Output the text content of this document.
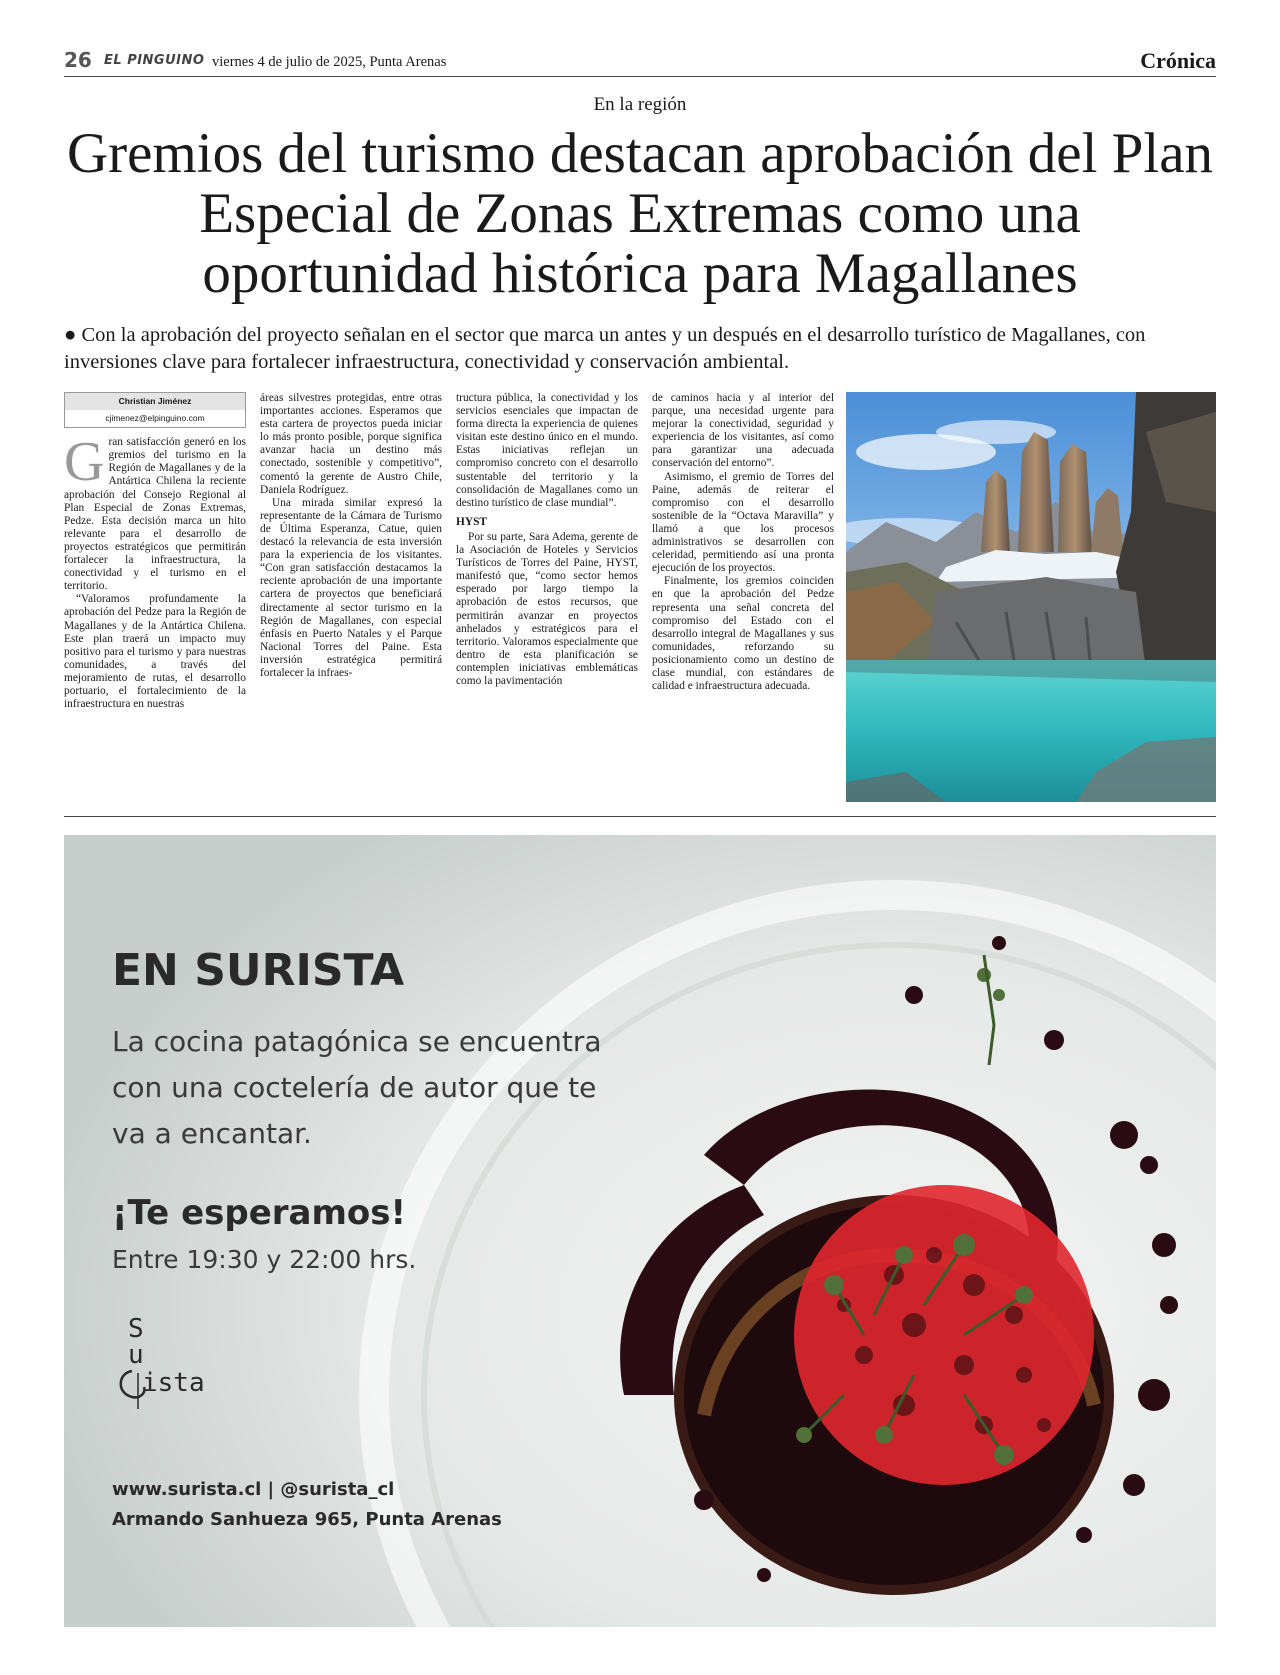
26 EL PINGUINO viernes 4 de julio de 2025, Punta Arenas	Crónica
En la región
Gremios del turismo destacan aprobación del Plan Especial de Zonas Extremas como una oportunidad histórica para Magallanes

● Con la aprobación del proyecto señalan en el sector que marca un antes y un después en el desarrollo turístico de Magallanes, con inversiones clave para fortalecer infraestructura, conectividad y conservación ambiental.

Christian Jiménez
cjimenez@elpinguino.com

Gran satisfacción generó en los gremios del turismo en la Región de Magallanes y de la Antártica Chilena la reciente aprobación del Consejo Regional al Plan Especial de Zonas Extremas, Pedze. Esta decisión marca un hito relevante para el desarrollo de proyectos estratégicos que permitirán fortalecer la infraestructura, la conectividad y el turismo en el territorio.

“Valoramos profundamente la aprobación del Pedze para la Región de Magallanes y de la Antártica Chilena. Este plan traerá un impacto muy positivo para el turismo y para nuestras comunidades, a través del mejoramiento de rutas, el desarrollo portuario, el fortalecimiento de la infraestructura en nuestras

áreas silvestres protegidas, entre otras importantes acciones. Esperamos que esta cartera de proyectos pueda iniciar lo más pronto posible, porque significa avanzar hacia un destino más conectado, sostenible y competitivo”, comentó la gerente de Austro Chile, Daniela Rodríguez.

Una mirada similar expresó la representante de la Cámara de Turismo de Última Esperanza, Catue, quien destacó la relevancia de esta inversión para la experiencia de los visitantes. “Con gran satisfacción destacamos la reciente aprobación de una importante cartera de proyectos que beneficiará directamente al sector turismo en la Región de Magallanes, con especial énfasis en Puerto Natales y el Parque Nacional Torres del Paine. Esta inversión estratégica permitirá fortalecer la infraes-

tructura pública, la conectividad y los servicios esenciales que impactan de forma directa la experiencia de quienes visitan este destino único en el mundo. Estas iniciativas reflejan un compromiso concreto con el desarrollo sustentable del territorio y la consolidación de Magallanes como un destino turístico de clase mundial”.

HYST

Por su parte, Sara Adema, gerente de la Asociación de Hoteles y Servicios Turísticos de Torres del Paine, HYST, manifestó que, “como sector hemos esperado por largo tiempo la aprobación de estos recursos, que permitirán avanzar en proyectos anhelados y estratégicos para el territorio. Valoramos especialmente que dentro de esta planificación se contemplen iniciativas emblemáticas como la pavimentación

de caminos hacia y al interior del parque, una necesidad urgente para mejorar la conectividad, seguridad y experiencia de los visitantes, así como para garantizar una adecuada conservación del entorno”.

Asimismo, el gremio de Torres del Paine, además de reiterar el compromiso con el desarrollo sostenible de la “Octava Maravilla” y llamó a que los procesos administrativos se desarrollen con celeridad, permitiendo así una pronta ejecución de los proyectos.

Finalmente, los gremios coinciden en que la aprobación del Pedze representa una señal concreta del compromiso del Estado con el desarrollo integral de Magallanes y sus comunidades, reforzando su posicionamiento como un destino de clase mundial, con estándares de calidad e infraestructura adecuada.

EN SURISTA
La cocina patagónica se encuentra con una coctelería de autor que te va a encantar.
¡Te esperamos!
Entre 19:30 y 22:00 hrs.
S
u
ista
www.surista.cl | @surista_cl
Armando Sanhueza 965, Punta Arenas
